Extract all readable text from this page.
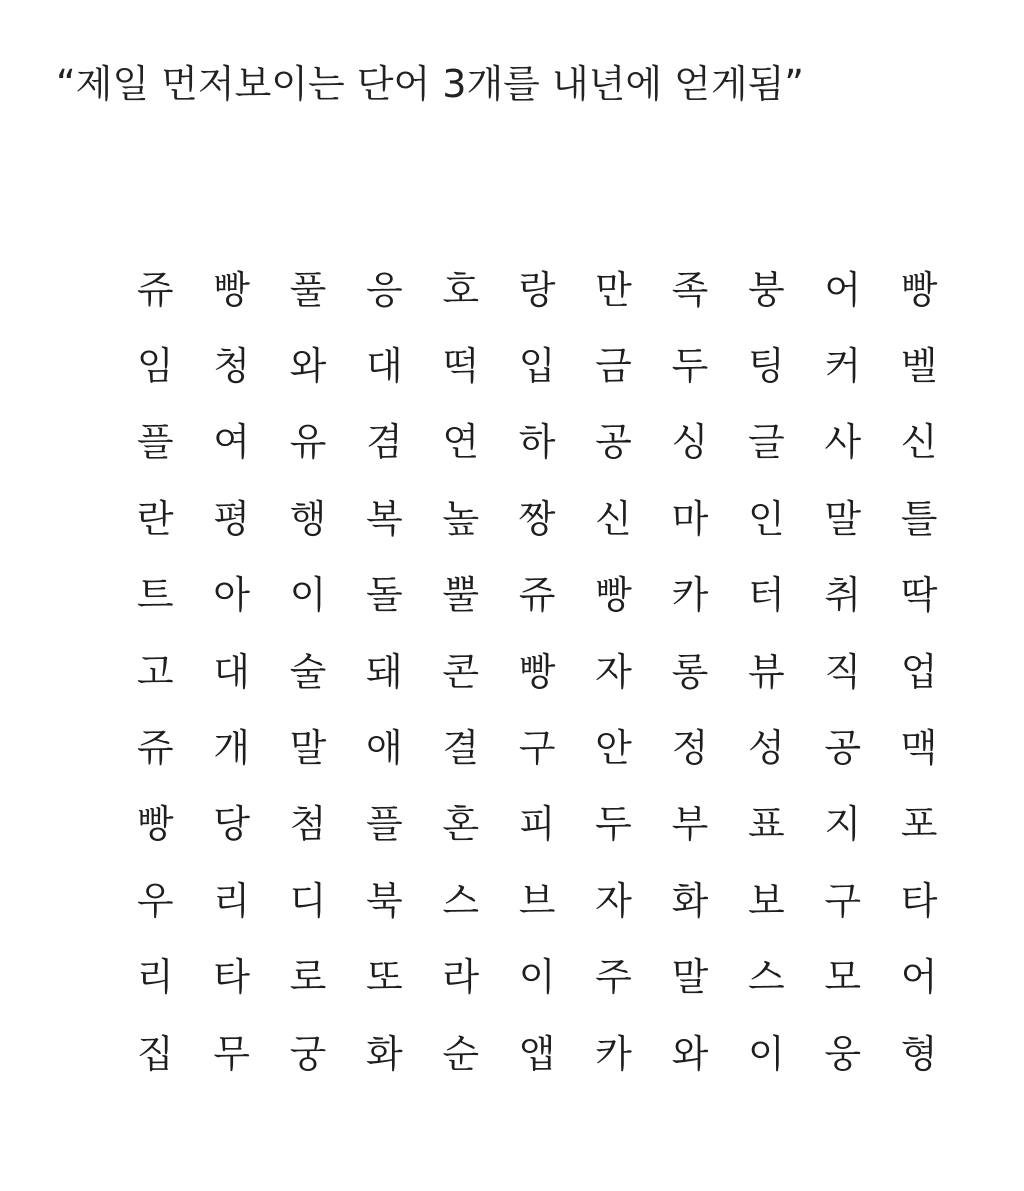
“제일 먼저보이는 단어 3개를 내년에 얻게됨”
쥬	빵	풀	응	호	랑	만	족	붕	어	빵
임	청	와	대	떡	입	금	두	팅	커	벨
플	여	유	겸	연	하	공	싱	글	사	신
란	평	행	복	높	짱	신	마	인	말	틀
트	아	이	돌	뿔	쥬	빵	카	터	취	딱
고	대	술	돼	콘	빵	자	롱	뷰	직	업
쥬	개	말	애	결	구	안	정	성	공	맥
빵	당	첨	플	혼	피	두	부	표	지	포
우	리	디	북	스	브	자	화	보	구	타
리	타	로	또	라	이	주	말	스	모	어
집	무	궁	화	순	앱	카	와	이	웅	형
